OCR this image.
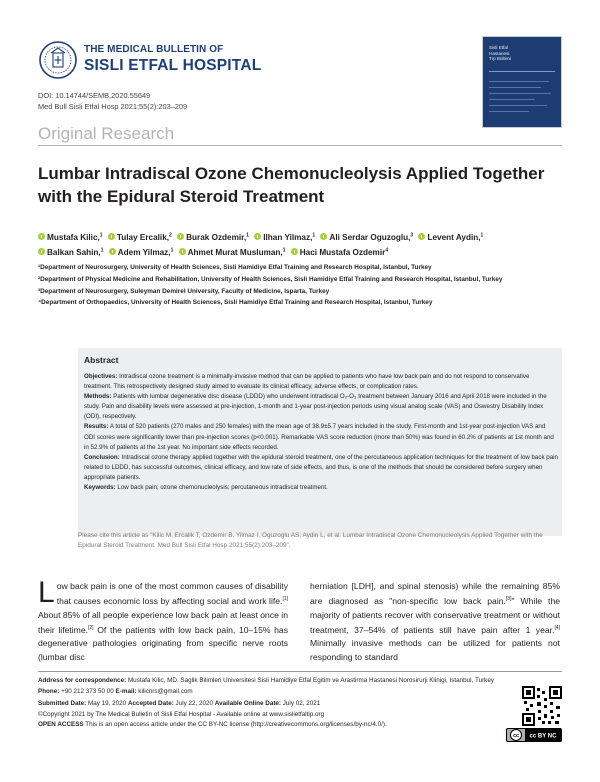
THE MEDICAL BULLETIN OF
SISLI ETFAL HOSPITAL
Sisli Etfal
Hastanesi
Tıp Bülteni
DOI: 10.14744/SEMB.2020.55649
Med Bull Sisli Etfal Hosp 2021;55(2):203–209
Original Research
Lumbar Intradiscal Ozone Chemonucleolysis Applied Together with the Epidural Steroid Treatment
Mustafa Kilic,$^1$ Tulay Ercalik,$^2$ Burak Ozdemir,$^1$ Ilhan Yilmaz,$^1$ Ali Serdar Oguzoglu,$^3$ Levent Aydin,$^1$
Balkan Sahin,$^1$ Adem Yilmaz,$^1$ Ahmet Murat Musluman,$^1$ Haci Mustafa Ozdemir$^4$

¹Department of Neurosurgery, University of Health Sciences, Sisli Hamidiye Etfal Training and Research Hospital, Istanbul, Turkey

²Department of Physical Medicine and Rehabilitation, University of Health Sciences, Sisli Hamidiye Etfal Training and Research Hospital, Istanbul, Turkey

³Department of Neurosurgery, Suleyman Demirel University, Faculty of Medicine, Isparta, Turkey

⁴Department of Orthopaedics, University of Health Sciences, Sisli Hamidiye Etfal Training and Research Hospital, Istanbul, Turkey

Abstract

Objectives: Intradiscal ozone treatment is a minimally-invasive method that can be applied to patients who have low back pain and do not respond to conservative treatment. This retrospectively designed study aimed to evaluate its clinical efficacy, adverse effects, or complication rates.

Methods: Patients with lumbar degenerative disc disease (LDDD) who underwent intradiscal O₂-O₃ treatment between January 2016 and April 2018 were included in the study. Pain and disability levels were assessed at pre-injection, 1-month and 1-year post-injection periods using visual analog scale (VAS) and Oswestry Disability Index (ODI), respectively.

Results: A total of 520 patients (270 males and 250 females) with the mean age of 38.9±5.7 years included in the study. First-month and 1st-year post-injection VAS and ODI scores were significantly lower than pre-injection scores (p<0.001). Remarkable VAS score reduction (more than 50%) was found in 60.2% of patients at 1st month and in 52.9% of patients at the 1st year. No important side effects recorded.

Conclusion: Intradiscal ozone therapy applied together with the epidural steroid treatment, one of the percutaneous application techniques for the treatment of low back pain related to LDDD, has successful outcomes, clinical efficacy, and low rate of side effects, and thus, is one of the methods that should be considered before surgery when appropriate patients.

Keywords: Low back pain; ozone chemonucleolysis; percutaneous intradiscal treatment.

Please cite this article as "Kilic M, Ercalik T, Ozdemir B, Yilmaz I, Oguzoglu AS, Aydin L, et al. Lumbar Intradiscal Ozone Chemonucleolysis Applied Together with the Epidural Steroid Treatment. Med Bull Sisli Etfal Hosp 2021;55(2):203–209".
Low back pain is one of the most common causes of disability that causes economic loss by affecting social and work life.[1] About 85% of all people experience low back pain at least once in their lifetime.[2] Of the patients with low back pain, 10–15% has degenerative pathologies originating from specific nerve roots (lumbar disc
herniation [LDH], and spinal stenosis) while the remaining 85% are diagnosed as "non-specific low back pain.[3]" While the majority of patients recover with conservative treatment or without treatment, 37–54% of patients still have pain after 1 year.[4] Minimally invasive methods can be utilized for patients not responding to standard
Address for correspondence: Mustafa Kilic, MD. Saglik Bilimleri Universitesi Sisli Hamidiye Etfal Egitim ve Arastirma Hastanesi Norosirurji Klinigi, Istanbul, Turkey
Phone: +90 212 373 50 00 E-mail: kilicnrs@gmail.com
Submitted Date: May 19, 2020 Accepted Date: July 22, 2020 Available Online Date: July 02, 2021
©Copyright 2021 by The Medical Bulletin of Sisli Etfal Hospital - Available online at www.sislietfaltip.org
OPEN ACCESS This is an open access article under the CC BY-NC license (http://creativecommons.org/licenses/by-nc/4.0/).
cc cc BY NC
